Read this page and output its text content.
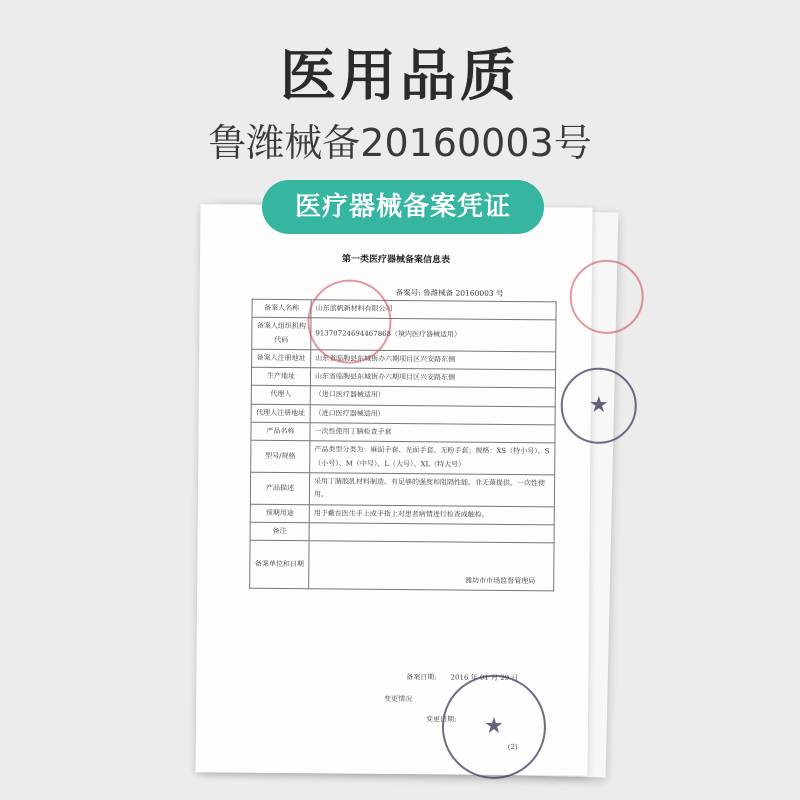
医用品质
鲁潍械备20160003号
第一类医疗器械备案信息表
备案号: 鲁潍械备 20160003 号
备案人名称	山东蓝帆新材料有限公司
备案人组织机构代码	91370724694467868（境内医疗器械适用）
备案人注册地址	山东省临朐县东城街办六期项目区兴安路东侧
生产地址	山东省临朐县东城街办六期项目区兴安路东侧
代理人	（进口医疗器械适用）
代理人注册地址	（进口医疗器械适用）
产品名称	一次性使用丁腈检查手套
型号/规格	产品类型分类为：麻面手套、光面手套、无粉手套；规格：XS（特小号）、S（小号）、M（中号）、L（大号）、XL（特大号）
产品描述	采用丁腈胶乳材料制造。有足够的强度和阻隔性能。非无菌提供，一次性使用。
预期用途	用于戴在医生手上或手指上对患者病情进行检查或触检。
备注	
备案单位和日期	潍坊市市场监督管理局
备案日期:　　2016 年 01 月 29 日
变更情况
变更日期:
(2)
★
★
医疗器械备案凭证
